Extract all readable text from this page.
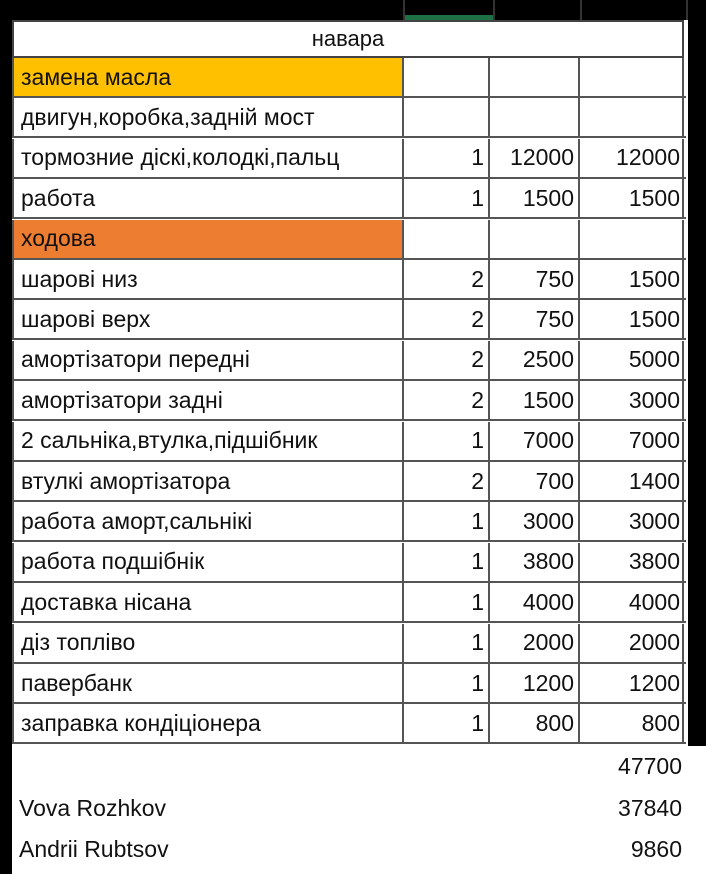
навара
замена масла
двигун,коробка,задній мост
тормозние діскі,колодкі,пальц	1	12000	12000
работа	1	1500	1500
ходова
шарові низ	2	750	1500
шарові верх	2	750	1500
амортізатори передні	2	2500	5000
амортізатори задні	2	1500	3000
2 сальніка,втулка,підшібник	1	7000	7000
втулкі амортізатора	2	700	1400
работа аморт,сальнікі	1	3000	3000
работа подшібнік	1	3800	3800
доставка нісана	1	4000	4000
діз топліво	1	2000	2000
павербанк	1	1200	1200
заправка кондіціонера	1	800	800
47700
Vova Rozhkov	37840
Andrii Rubtsov	9860
